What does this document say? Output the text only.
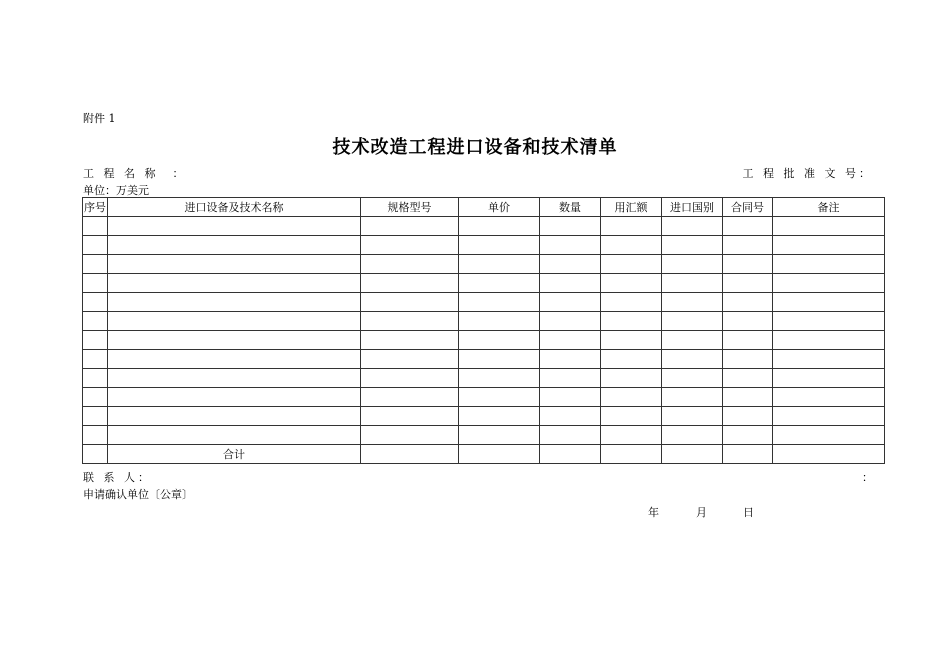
附件 1
技术改造工程进口设备和技术清单
工 程 名 称　：	工 程 批 准 文 号：
单位：万美元
序号	进口设备及技术名称	规格型号	单价	数量	用汇额	进口国别	合同号	备注

	合计							
联 系 人：	：
申请确认单位〔公章〕
年	月	日
